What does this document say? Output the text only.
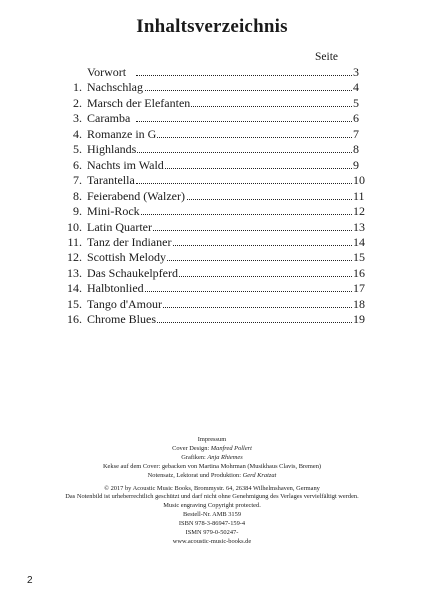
Inhaltsverzeichnis
Seite
Vorwort	3
1. Nachschlag	4
2. Marsch der Elefanten	5
3. Caramba	6
4. Romanze in G	7
5. Highlands	8
6. Nachts im Wald	9
7. Tarantella	10
8. Feierabend (Walzer)	11
9. Mini-Rock	12
10. Latin Quarter	13
11. Tanz der Indianer	14
12. Scottish Melody	15
13. Das Schaukelpferd	16
14. Halbtonlied	17
15. Tango d'Amour	18
16. Chrome Blues	19
Impressum
Cover Design: Manfred Pollert
Grafiken: Anja Rhiemes
Kekse auf dem Cover: gebacken von Martina Mohrman (Musikhaus Clavis, Bremen)
Notensatz, Lektorat und Produktion: Gerd Kratzat
© 2017 by Acoustic Music Books, Brommystr. 64, 26384 Wilhelmshaven, Germany
Das Notenbild ist urheberrechtlich geschützt und darf nicht ohne Genehmigung des Verlages vervielfältigt werden.
Music engraving Copyright protected.
Bestell-Nr. AMB 3159
ISBN 978-3-86947-159-4
ISMN 979-0-50247-
www.acoustic-music-books.de
2
